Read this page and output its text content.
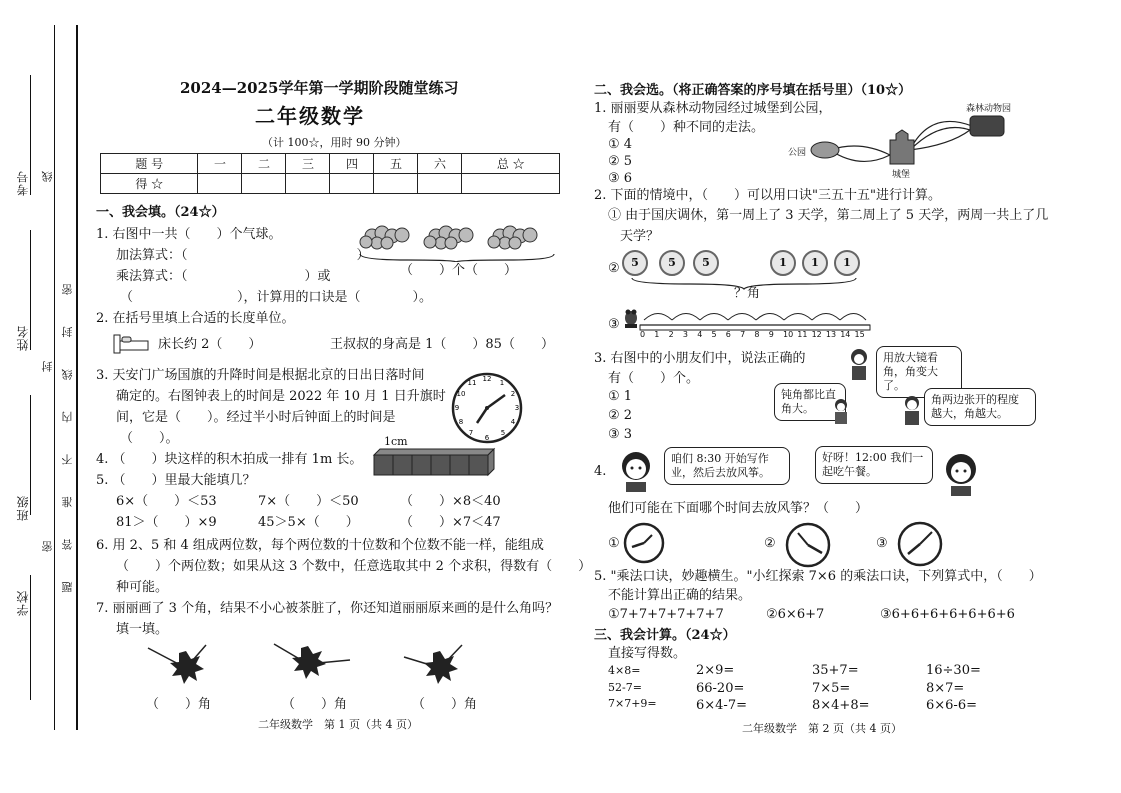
考号
姓名
班级
学校
题 答 准 不 内 线 封 密
线
封
密
2024—2025学年第一学期阶段随堂练习
二年级数学
（计 100☆，用时 90 分钟）
题 号	一	二	三	四	五	六	总 ☆
得 ☆							
一、我会填。（24☆）
1. 右图中一共（　　）个气球。
加法算式：（　　　　　　　　　　　　　）
乘法算式：（　　　　　　　　　）或
（　　　　　　　　），计算用的口诀是（　　　　）。
（　　）个（　　）
2. 在括号里填上合适的长度单位。
床长约 2（　　）	王叔叔的身高是 1（　　）85（　　）
3. 天安门广场国旗的升降时间是根据北京的日出日落时间
确定的。右图钟表上的时间是 2022 年 10 月 1 日升旗时
间，它是（　　）。经过半小时后钟面上的时间是
（　　）。
12 1
2
3
4
5
6
7
8
9
10
11
4. （　　）块这样的积木拍成一排有 1m 长。
1cm
5. （　　）里最大能填几？
6×（　　）＜53	7×（　　）＜50	（　　）×8＜40
81＞（　　）×9	45＞5×（　　）	（　　）×7＜47
6. 用 2、5 和 4 组成两位数，每个两位数的十位数和个位数不能一样，能组成
（　　）个两位数；如果从这 3 个数中，任意选取其中 2 个求积，得数有（　　）
种可能。
7. 丽丽画了 3 个角，结果不小心被茶脏了，你还知道丽丽原来画的是什么角吗？
填一填。
（　　）角	（　　）角	（　　）角
二年级数学　第 1 页（共 4 页）
二、我会选。（将正确答案的序号填在括号里）（10☆）
1. 丽丽要从森林动物园经过城堡到公园，
有（　　）种不同的走法。
① 4
② 5
③ 6
森林动物园
公园
城堡
2. 下面的情境中，（　　）可以用口诀"三五十五"进行计算。
① 由于国庆调休，第一周上了 3 天学，第二周上了 5 天学，两周一共上了几
天学？
②	5	5	5	1	1	1
？角
③
0 1 2 3 4 5 6 7 8 9 10 11 12 13 14 15
3. 右图中的小朋友们中，说法正确的
有（　　）个。
① 1
② 2
③ 3
用放大镜看角，角变大了。
钝角都比直角大。
角两边张开的程度越大，角越大。
4.
咱们 8:30 开始写作业，然后去放风筝。
好呀！12:00 我们一起吃午餐。
他们可能在下面哪个时间去放风筝？（　　）
①	②	③
5. "乘法口诀，妙趣横生。"小红探索 7×6 的乘法口诀，下列算式中，（　　）
不能计算出正确的结果。
①7+7+7+7+7+7	②6×6+7	③6+6+6+6+6+6+6
三、我会计算。（24☆）
直接写得数。
4×8=	2×9=	35+7=	16÷30=
52-7=	66-20=	7×5=	8×7=
7×7+9=	6×4-7=	8×4+8=	6×6-6=
二年级数学　第 2 页（共 4 页）
